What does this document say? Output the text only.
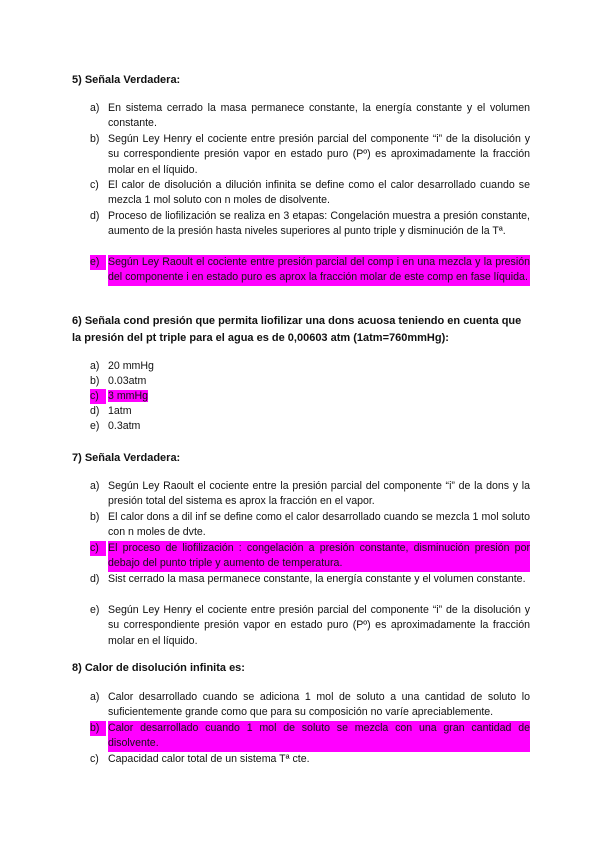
5) Señala Verdadera:

a) En sistema cerrado la masa permanece constante, la energía constante y el volumen constante.
b) Según Ley Henry el cociente entre presión parcial del componente “i” de la disolución y su correspondiente presión vapor en estado puro (Pº) es aproximadamente la fracción molar en el líquido.
c) El calor de disolución a dilución infinita se define como el calor desarrollado cuando se mezcla 1 mol soluto con n moles de disolvente.
d) Proceso de liofilización se realiza en 3 etapas: Congelación muestra a presión constante, aumento de la presión hasta niveles superiores al punto triple y disminución de la Tª.
e) Según Ley Raoult el cociente entre presión parcial del comp i en una mezcla y la presión del componente i en estado puro es aprox la fracción molar de este comp en fase líquida.

6) Señala cond presión que permita liofilizar una dons acuosa teniendo en cuenta que la presión del pt triple para el agua es de 0,00603 atm (1atm=760mmHg):

a) 20 mmHg
b) 0.03atm
c) 3 mmHg
d) 1atm
e) 0.3atm

7) Señala Verdadera:

a) Según Ley Raoult el cociente entre la presión parcial del componente “i” de la dons y la presión total del sistema es aprox la fracción en el vapor.
b) El calor dons a dil inf se define como el calor desarrollado cuando se mezcla 1 mol soluto con n moles de dvte.
c) El proceso de liofilización : congelación a presión constante, disminución presión por debajo del punto triple y aumento de temperatura.
d) Sist cerrado la masa permanece constante, la energía constante y el volumen constante.
e) Según Ley Henry el cociente entre presión parcial del componente “i” de la disolución y su correspondiente presión vapor en estado puro (Pº) es aproximadamente la fracción molar en el líquido.

8) Calor de disolución infinita es:

a) Calor desarrollado cuando se adiciona 1 mol de soluto a una cantidad de soluto lo suficientemente grande como que para su composición no varíe apreciablemente.
b) Calor desarrollado cuando 1 mol de soluto se mezcla con una gran cantidad de disolvente.
c) Capacidad calor total de un sistema Tª cte.
